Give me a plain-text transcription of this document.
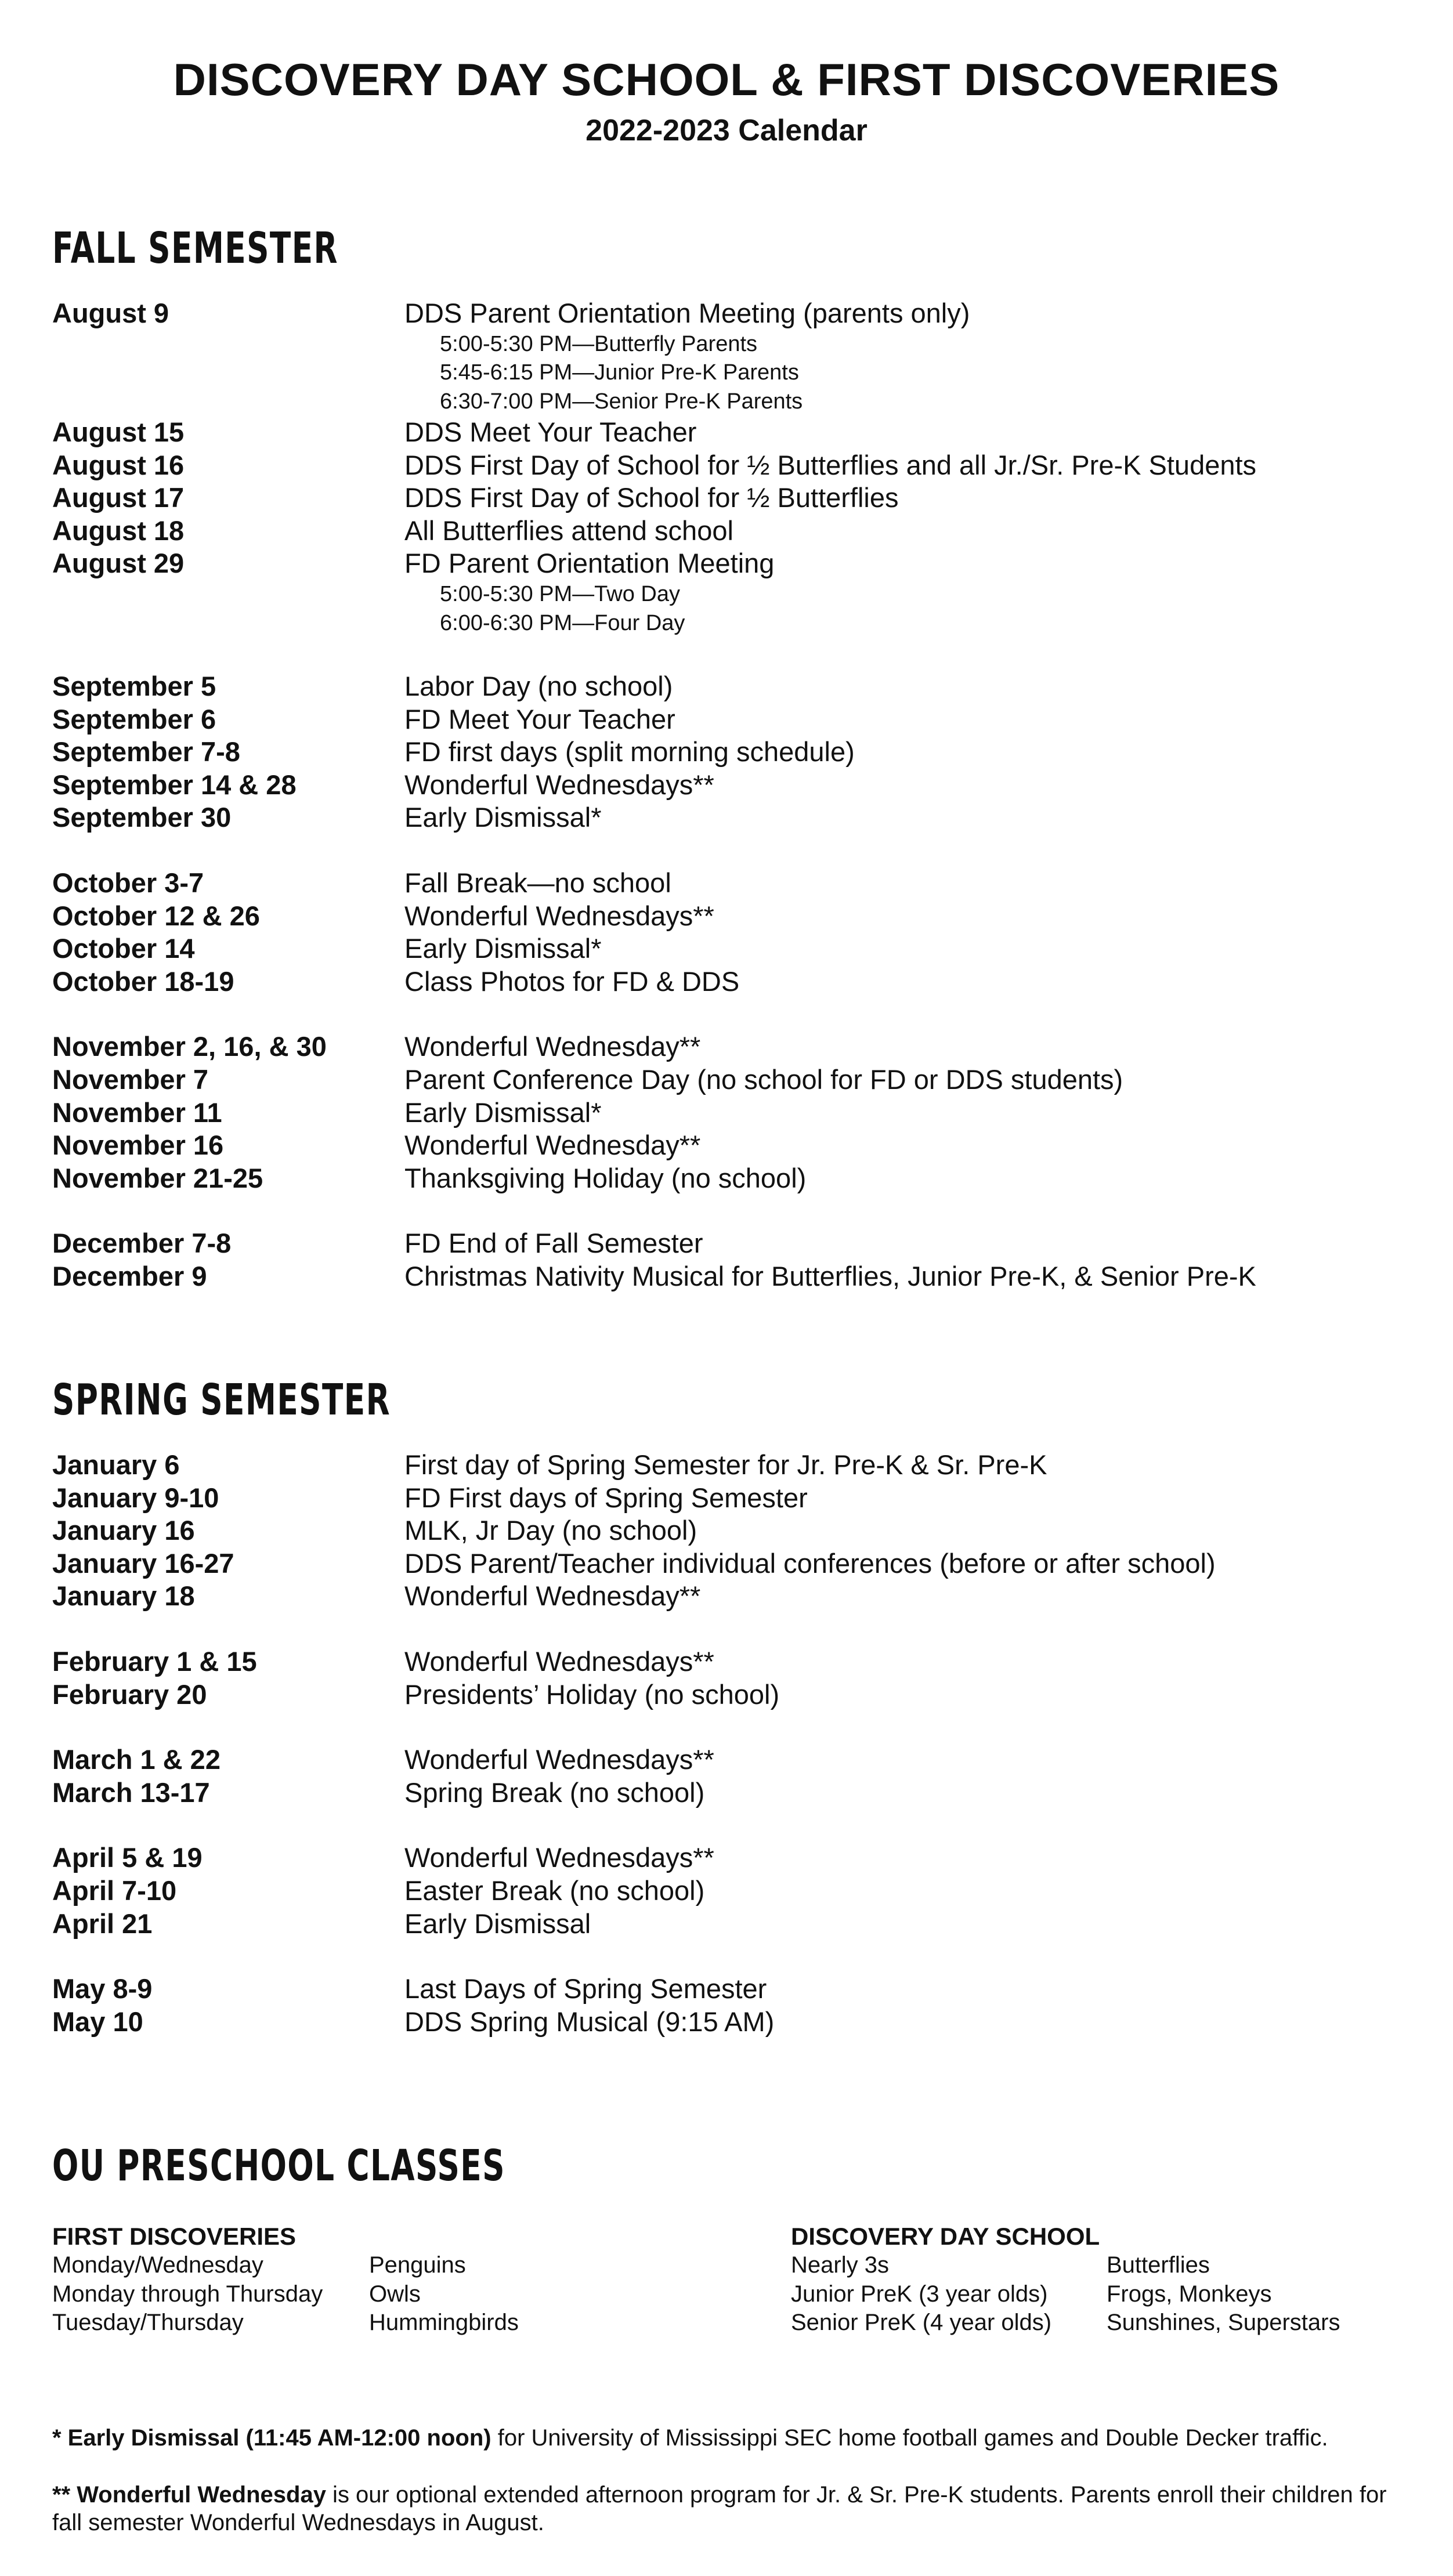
DISCOVERY DAY SCHOOL & FIRST DISCOVERIES
2022-2023 Calendar
FALL SEMESTER
August 9	DDS Parent Orientation Meeting (parents only)
5:00-5:30 PM—Butterfly Parents
5:45-6:15 PM—Junior Pre-K Parents
6:30-7:00 PM—Senior Pre-K Parents
August 15	DDS Meet Your Teacher
August 16	DDS First Day of School for ½ Butterflies and all Jr./Sr. Pre-K Students
August 17	DDS First Day of School for ½ Butterflies
August 18	All Butterflies attend school
August 29	FD Parent Orientation Meeting
5:00-5:30 PM—Two Day
6:00-6:30 PM—Four Day
September 5	Labor Day (no school)
September 6	FD Meet Your Teacher
September 7-8	FD first days (split morning schedule)
September 14 & 28	Wonderful Wednesdays**
September 30	Early Dismissal*
October 3-7	Fall Break—no school
October 12 & 26	Wonderful Wednesdays**
October 14	Early Dismissal*
October 18-19	Class Photos for FD & DDS
November 2, 16, & 30	Wonderful Wednesday**
November 7	Parent Conference Day (no school for FD or DDS students)
November 11	Early Dismissal*
November 16	Wonderful Wednesday**
November 21-25	Thanksgiving Holiday (no school)
December 7-8	FD End of Fall Semester
December 9	Christmas Nativity Musical for Butterflies, Junior Pre-K, & Senior Pre-K
SPRING SEMESTER
January 6	First day of Spring Semester for Jr. Pre-K & Sr. Pre-K
January 9-10	FD First days of Spring Semester
January 16	MLK, Jr Day (no school)
January 16-27	DDS Parent/Teacher individual conferences (before or after school)
January 18	Wonderful Wednesday**
February 1 & 15	Wonderful Wednesdays**
February 20	Presidents’ Holiday (no school)
March 1 & 22	Wonderful Wednesdays**
March 13-17	Spring Break (no school)
April 5 & 19	Wonderful Wednesdays**
April 7-10	Easter Break (no school)
April 21	Early Dismissal
May 8-9	Last Days of Spring Semester
May 10	DDS Spring Musical (9:15 AM)
OU PRESCHOOL CLASSES
FIRST DISCOVERIES
Monday/Wednesday	Penguins
Monday through Thursday Owls
Tuesday/Thursday	Hummingbirds
DISCOVERY DAY SCHOOL
Nearly 3s	Butterflies
Junior PreK (3 year olds)	Frogs, Monkeys
Senior PreK (4 year olds) Sunshines, Superstars
* Early Dismissal (11:45 AM-12:00 noon) for University of Mississippi SEC home football games and Double Decker traffic.
** Wonderful Wednesday is our optional extended afternoon program for Jr. & Sr. Pre-K students. Parents enroll their children for fall semester Wonderful Wednesdays in August.
